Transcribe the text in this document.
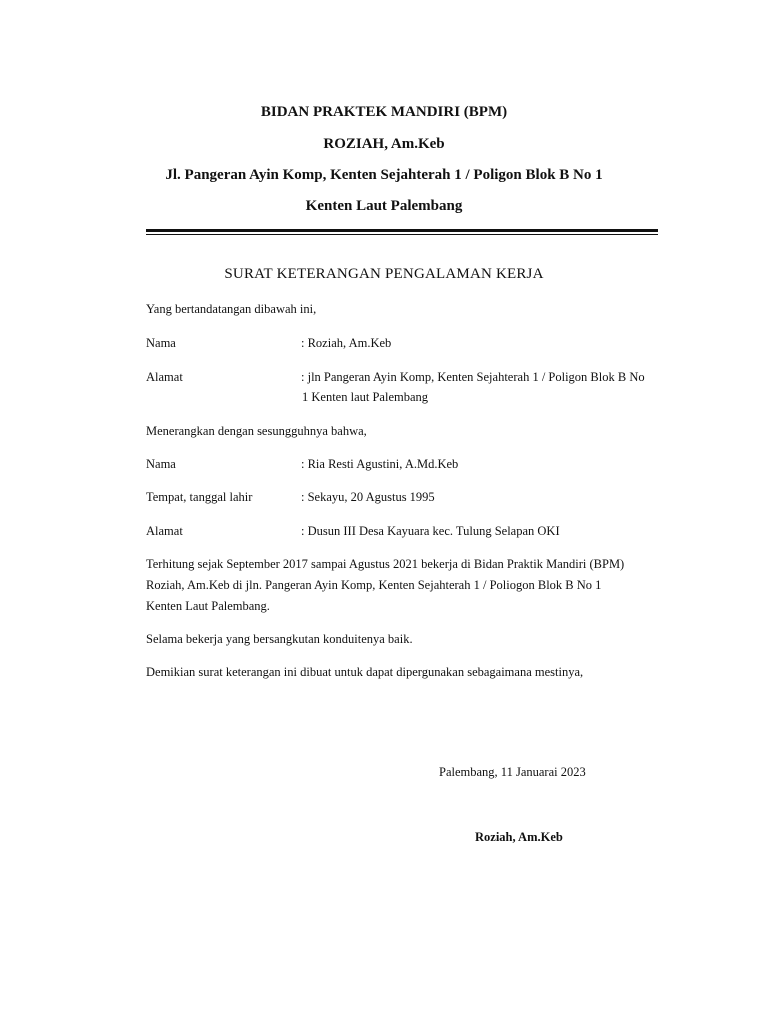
BIDAN PRAKTEK MANDIRI (BPM)
ROZIAH, Am.Keb
Jl. Pangeran Ayin Komp, Kenten Sejahterah 1 / Poligon Blok B No 1
Kenten Laut Palembang
SURAT KETERANGAN PENGALAMAN KERJA
Yang bertandatangan dibawah ini,
Nama	: Roziah, Am.Keb
Alamat	: jln Pangeran Ayin Komp, Kenten Sejahterah 1 / Poligon Blok B No
1 Kenten laut Palembang
Menerangkan dengan sesungguhnya bahwa,
Nama	: Ria Resti Agustini, A.Md.Keb
Tempat, tanggal lahir	: Sekayu, 20 Agustus 1995
Alamat	: Dusun III Desa Kayuara kec. Tulung Selapan OKI
Terhitung sejak September 2017 sampai Agustus 2021 bekerja di Bidan Praktik Mandiri (BPM)
Roziah, Am.Keb di jln. Pangeran Ayin Komp, Kenten Sejahterah 1 / Poliogon Blok B No 1
Kenten Laut Palembang.
Selama bekerja yang bersangkutan konduitenya baik.
Demikian surat keterangan ini dibuat untuk dapat dipergunakan sebagaimana mestinya,
Palembang, 11 Januarai 2023
Roziah, Am.Keb
